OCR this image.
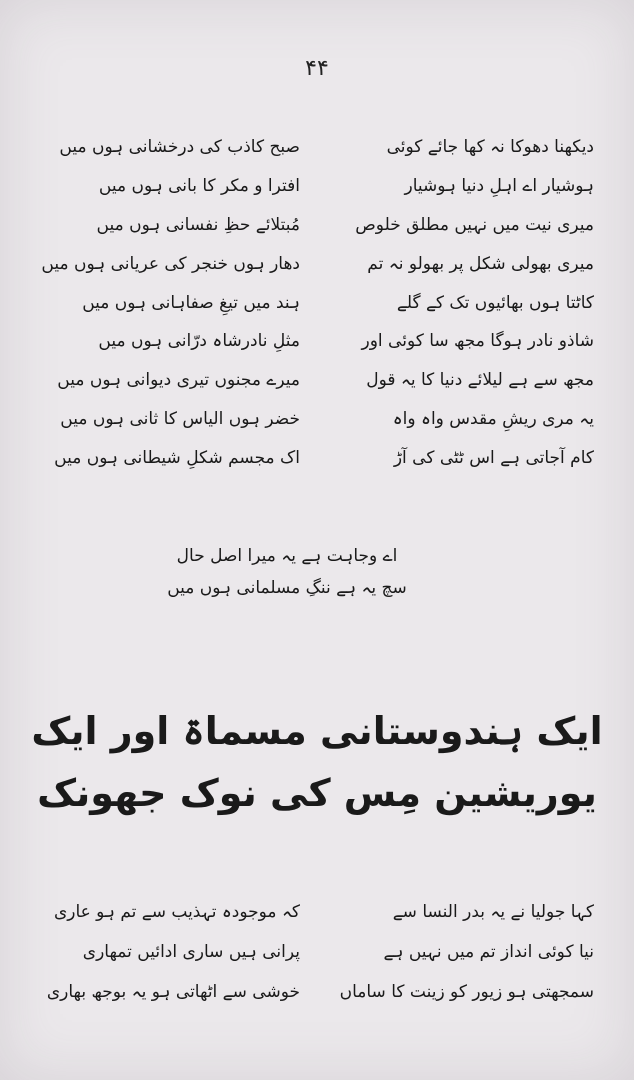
۴۴
دیکھنا دھوکا نہ کھا جائے کوئی
ہوشیار اے اہلِ دنیا ہوشیار
میری نیت میں نہیں مطلق خلوص
میری بھولی شکل پر بھولو نہ تم
کاٹتا ہوں بھائیوں تک کے گلے
شاذو نادر ہوگا مجھ سا کوئی اور
مجھ سے ہے لیلائے دنیا کا یہ قول
یہ مری ریشِ مقدس واہ واہ
کام آجاتی ہے اس ٹٹی کی آڑ
صبح کاذب کی درخشانی ہوں میں
افترا و مکر کا بانی ہوں میں
مُبتلائے حظِ نفسانی ہوں میں
دھار ہوں خنجر کی عریانی ہوں میں
ہند میں تیغِ صفاہانی ہوں میں
مثلِ نادرشاہ درّانی ہوں میں
میرے مجنوں تیری دیوانی ہوں میں
خضر ہوں الیاس کا ثانی ہوں میں
اک مجسم شکلِ شیطانی ہوں میں
اے وجاہت ہے یہ میرا اصل حال
سچ یہ ہے ننگِ مسلمانی ہوں میں
ایک ہندوستانی مسماۃ اور ایک
یوریشین مِس کی نوک جھونک
کہا جولیا نے یہ بدر النسا سے
نیا کوئی انداز تم میں نہیں ہے
سمجھتی ہو زیور کو زینت کا ساماں
کہ موجودہ تہذیب سے تم ہو عاری
پرانی ہیں ساری ادائیں تمھاری
خوشی سے اٹھاتی ہو یہ بوجھ بھاری
